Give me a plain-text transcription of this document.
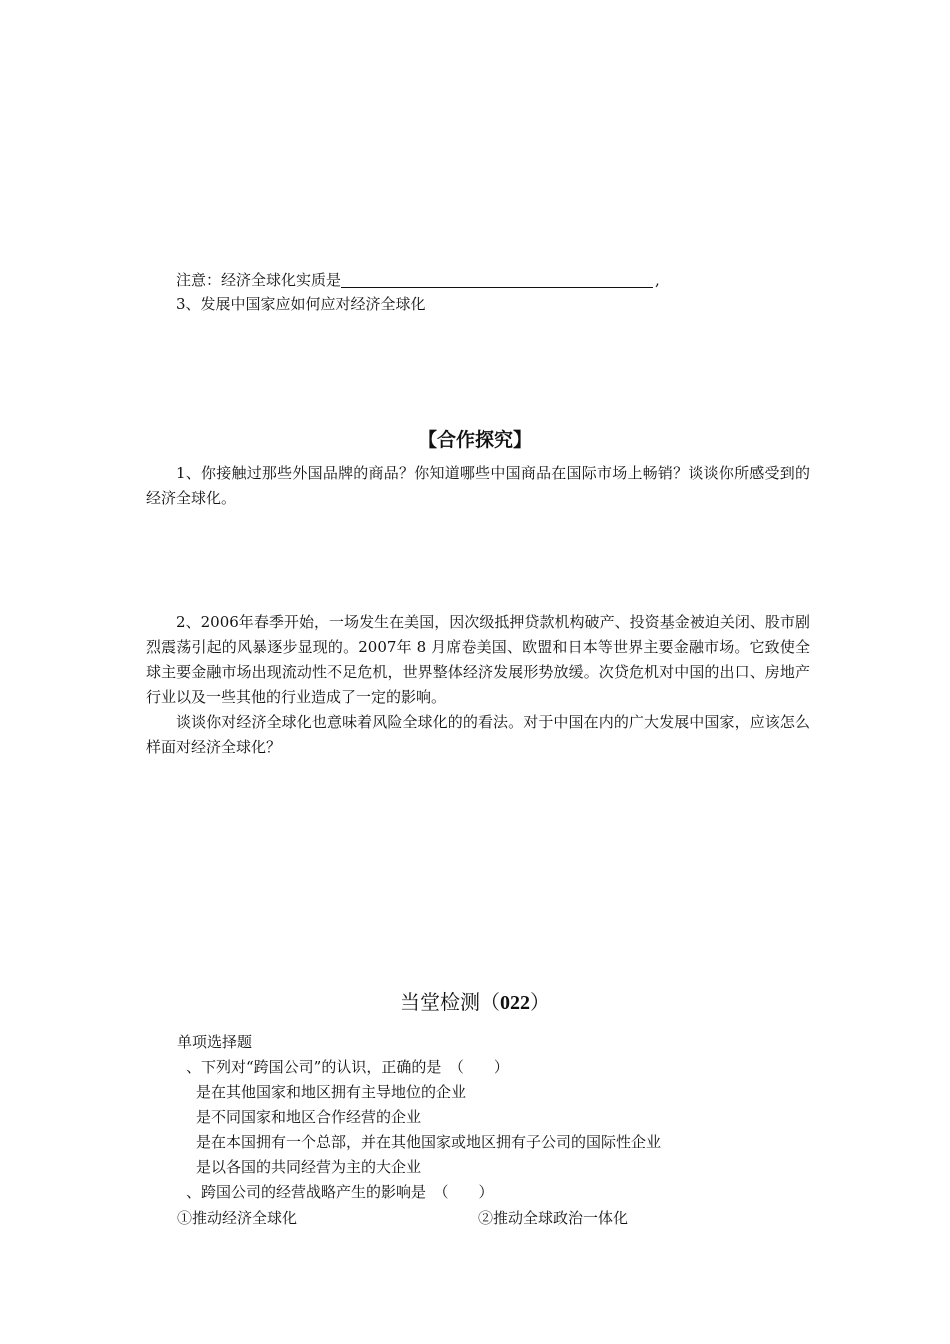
注意：经济全球化实质是	,
3、发展中国家应如何应对经济全球化
【合作探究】
1、你接触过那些外国品牌的商品？你知道哪些中国商品在国际市场上畅销？谈谈你所感受到的经济全球化。
2、2006年春季开始，一场发生在美国，因次级抵押贷款机构破产、投资基金被迫关闭、股市剧烈震荡引起的风暴逐步显现的。2007年 8 月席卷美国、欧盟和日本等世界主要金融市场。它致使全球主要金融市场出现流动性不足危机，世界整体经济发展形势放缓。次贷危机对中国的出口、房地产行业以及一些其他的行业造成了一定的影响。
谈谈你对经济全球化也意味着风险全球化的的看法。对于中国在内的广大发展中国家，应该怎么样面对经济全球化？
当堂检测（022）
单项选择题
、下列对“跨国公司”的认识，正确的是　（　　）
是在其他国家和地区拥有主导地位的企业
是不同国家和地区合作经营的企业
是在本国拥有一个总部，并在其他国家或地区拥有子公司的国际性企业
是以各国的共同经营为主的大企业
、跨国公司的经营战略产生的影响是　（　　）
①推动经济全球化	②推动全球政治一体化
